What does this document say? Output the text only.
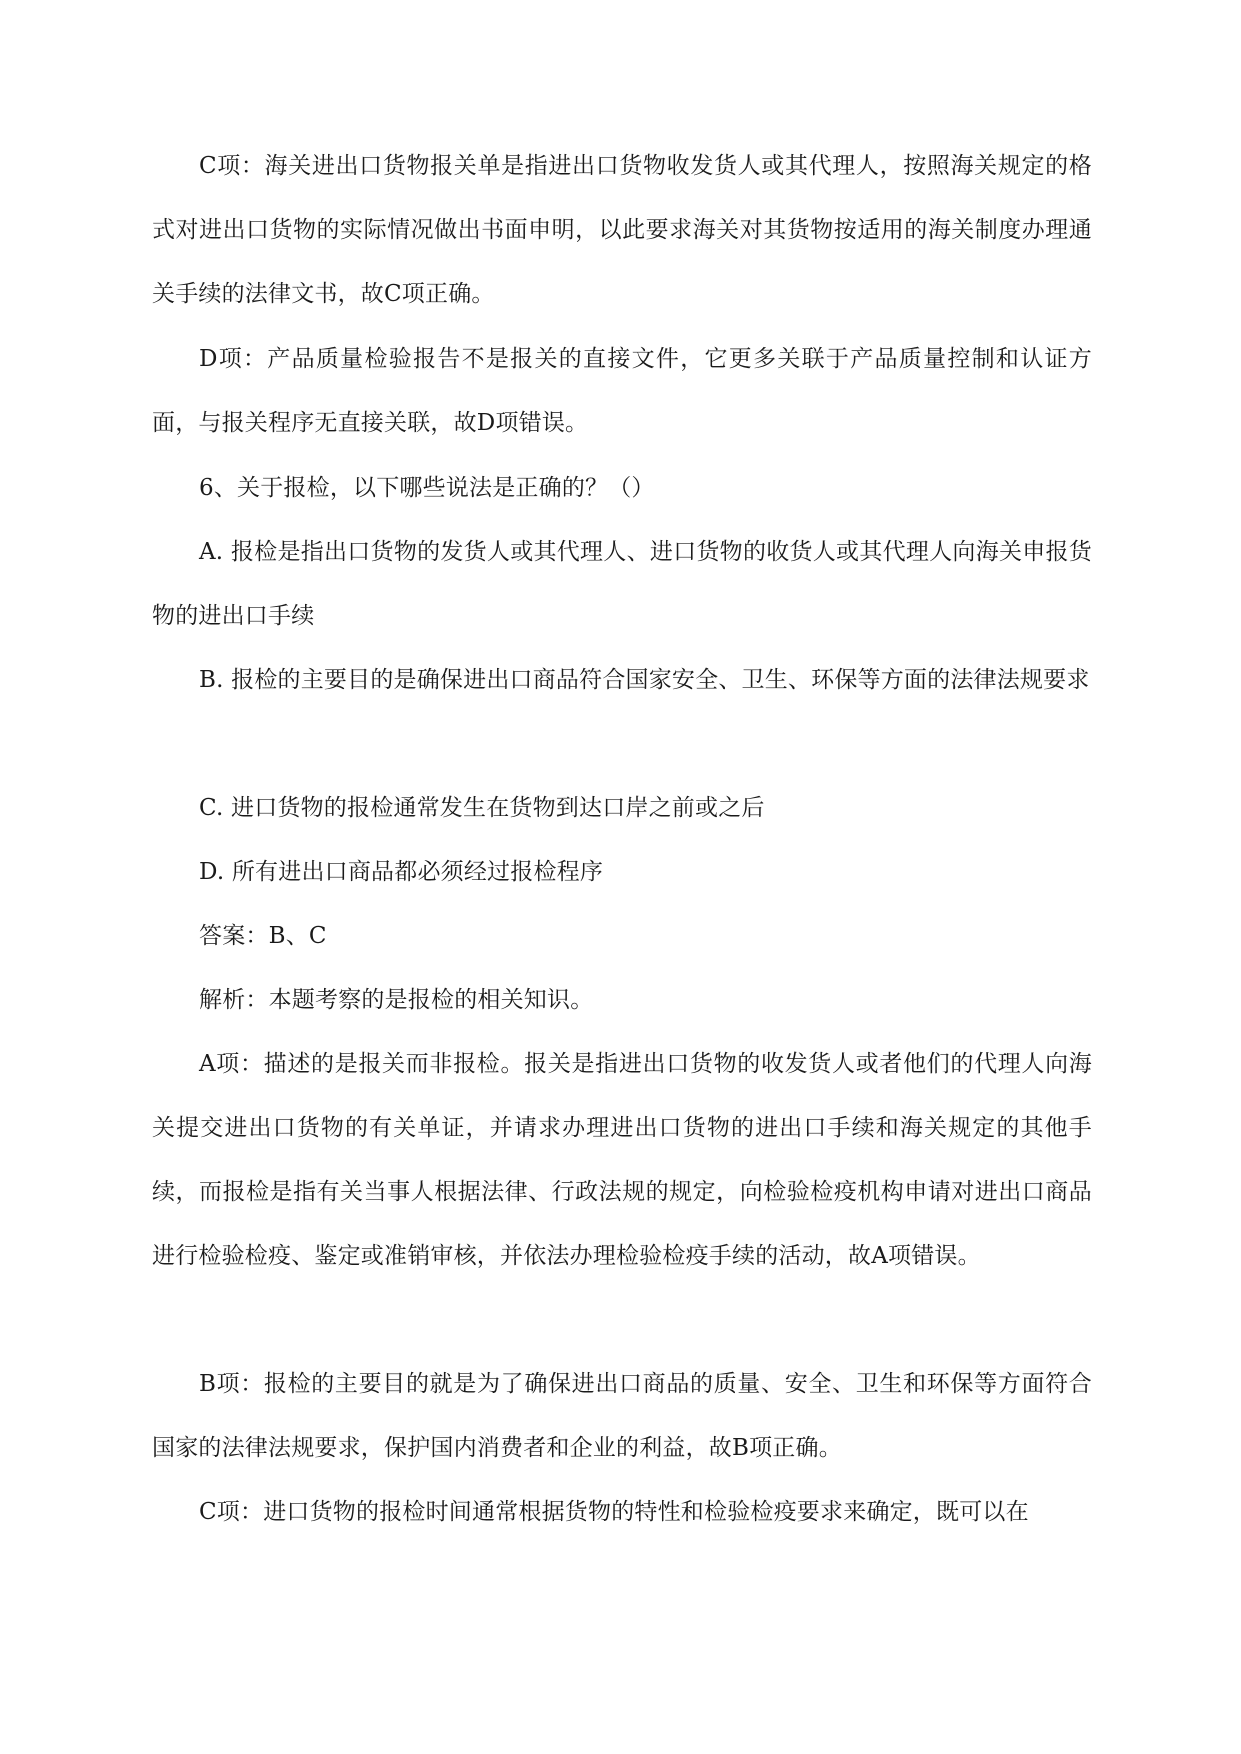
C项：海关进出口货物报关单是指进出口货物收发货人或其代理人，按照海关规定的格式对进出口货物的实际情况做出书面申明，以此要求海关对其货物按适用的海关制度办理通关手续的法律文书，故C项正确。

D项：产品质量检验报告不是报关的直接文件，它更多关联于产品质量控制和认证方面，与报关程序无直接关联，故D项错误。

6、关于报检，以下哪些说法是正确的？（）

A. 报检是指出口货物的发货人或其代理人、进口货物的收货人或其代理人向海关申报货物的进出口手续

B. 报检的主要目的是确保进出口商品符合国家安全、卫生、环保等方面的法律法规要求

C. 进口货物的报检通常发生在货物到达口岸之前或之后

D. 所有进出口商品都必须经过报检程序

答案：B、C

解析：本题考察的是报检的相关知识。

A项：描述的是报关而非报检。报关是指进出口货物的收发货人或者他们的代理人向海关提交进出口货物的有关单证，并请求办理进出口货物的进出口手续和海关规定的其他手续，而报检是指有关当事人根据法律、行政法规的规定，向检验检疫机构申请对进出口商品进行检验检疫、鉴定或准销审核，并依法办理检验检疫手续的活动，故A项错误。

B项：报检的主要目的就是为了确保进出口商品的质量、安全、卫生和环保等方面符合国家的法律法规要求，保护国内消费者和企业的利益，故B项正确。

C项：进口货物的报检时间通常根据货物的特性和检验检疫要求来确定，既可以在
